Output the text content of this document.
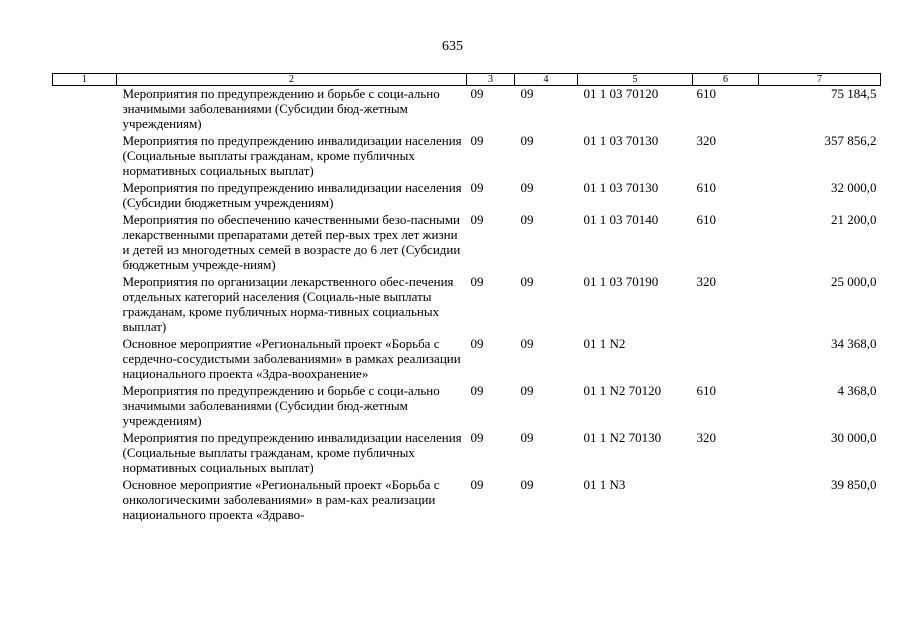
635
1	2	3	4	5	6	7
	Мероприятия по предупреждению и борьбе с соци-ально значимыми заболеваниями (Субсидии бюд-жетным учреждениям)	09	09	01 1 03 70120	610	75 184,5
	Мероприятия по предупреждению инвалидизации населения (Социальные выплаты гражданам, кроме публичных нормативных социальных выплат)	09	09	01 1 03 70130	320	357 856,2
	Мероприятия по предупреждению инвалидизации населения (Субсидии бюджетным учреждениям)	09	09	01 1 03 70130	610	32 000,0
	Мероприятия по обеспечению качественными безо-пасными лекарственными препаратами детей пер-вых трех лет жизни и детей из многодетных семей в возрасте до 6 лет (Субсидии бюджетным учрежде-ниям)	09	09	01 1 03 70140	610	21 200,0
	Мероприятия по организации лекарственного обес-печения отдельных категорий населения (Социаль-ные выплаты гражданам, кроме публичных норма-тивных социальных выплат)	09	09	01 1 03 70190	320	25 000,0
	Основное мероприятие «Региональный проект «Борьба с сердечно-сосудистыми заболеваниями» в рамках реализации национального проекта «Здра-воохранение»	09	09	01 1 N2		34 368,0
	Мероприятия по предупреждению и борьбе с соци-ально значимыми заболеваниями (Субсидии бюд-жетным учреждениям)	09	09	01 1 N2 70120	610	4 368,0
	Мероприятия по предупреждению инвалидизации населения (Социальные выплаты гражданам, кроме публичных нормативных социальных выплат)	09	09	01 1 N2 70130	320	30 000,0
	Основное мероприятие «Региональный проект «Борьба с онкологическими заболеваниями» в рам-ках реализации национального проекта «Здраво-	09	09	01 1 N3		39 850,0
